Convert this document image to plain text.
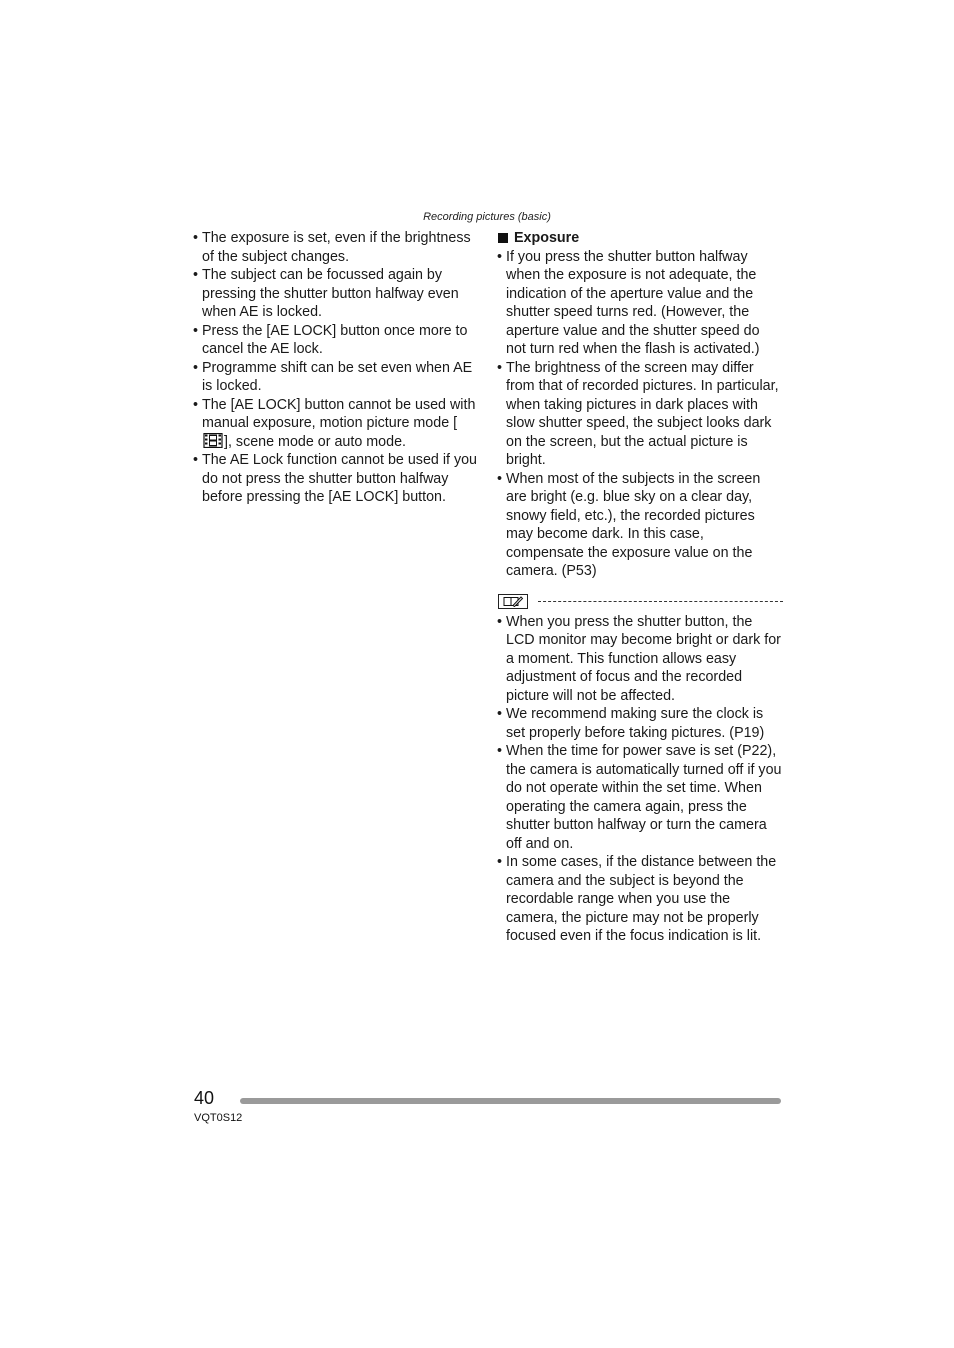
Recording pictures (basic)
• The exposure is set, even if the brightness of the subject changes.
• The subject can be focussed again by pressing the shutter button halfway even when AE is locked.
• Press the [AE LOCK] button once more to cancel the AE lock.
• Programme shift can be set even when AE is locked.
• The [AE LOCK] button cannot be used with manual exposure, motion picture mode [], scene mode or auto mode.
• The AE Lock function cannot be used if you do not press the shutter button halfway before pressing the [AE LOCK] button.
Exposure
• If you press the shutter button halfway when the exposure is not adequate, the indication of the aperture value and the shutter speed turns red. (However, the aperture value and the shutter speed do not turn red when the flash is activated.)
• The brightness of the screen may differ from that of recorded pictures. In particular, when taking pictures in dark places with slow shutter speed, the subject looks dark on the screen, but the actual picture is bright.
• When most of the subjects in the screen are bright (e.g. blue sky on a clear day, snowy field, etc.), the recorded pictures may become dark. In this case, compensate the exposure value on the camera. (P53)
• When you press the shutter button, the LCD monitor may become bright or dark for a moment. This function allows easy adjustment of focus and the recorded picture will not be affected.
• We recommend making sure the clock is set properly before taking pictures. (P19)
• When the time for power save is set (P22), the camera is automatically turned off if you do not operate within the set time. When operating the camera again, press the shutter button halfway or turn the camera off and on.
• In some cases, if the distance between the camera and the subject is beyond the recordable range when you use the camera, the picture may not be properly focused even if the focus indication is lit.
40
VQT0S12
